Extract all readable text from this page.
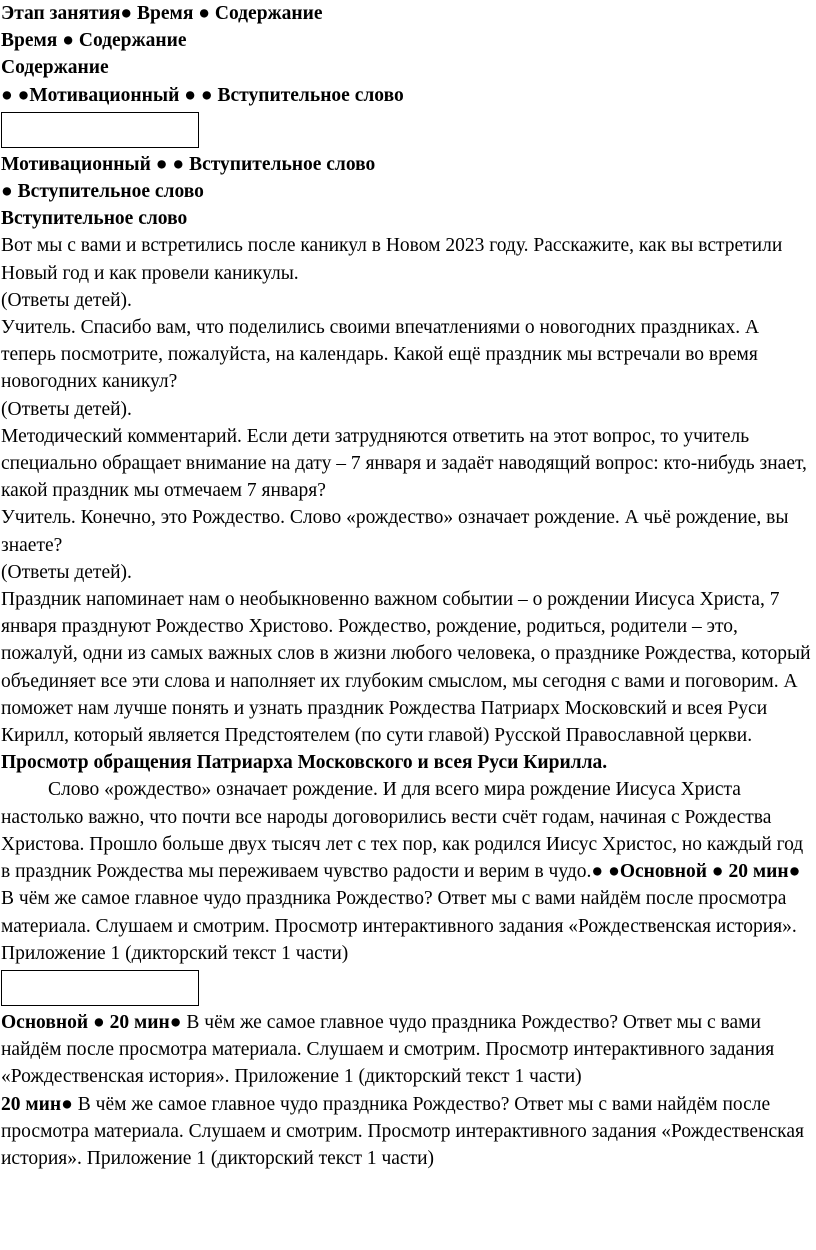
Этап занятия● Время ● Содержание

Время ● Содержание

Содержание

● ●Мотивационный ● ● Вступительное слово

Мотивационный ● ● Вступительное слово

● Вступительное слово

Вступительное слово

Вот мы с вами и встретились после каникул в Новом 2023 году. Расскажите, как вы встретили Новый год и как провели каникулы.

(Ответы детей).

Учитель. Спасибо вам, что поделились своими впечатлениями о новогодних праздниках. А теперь посмотрите, пожалуйста, на календарь. Какой ещё праздник мы встречали во время новогодних каникул?

(Ответы детей).

Методический комментарий. Если дети затрудняются ответить на этот вопрос, то учитель специально обращает внимание на дату – 7 января и задаёт наводящий вопрос: кто-нибудь знает, какой праздник мы отмечаем 7 января?

Учитель. Конечно, это Рождество. Слово «рождество» означает рождение. А чьё рождение, вы знаете?

(Ответы детей).

Праздник напоминает нам о необыкновенно важном событии – о рождении Иисуса Христа, 7 января празднуют Рождество Христово. Рождество, рождение, родиться, родители – это, пожалуй, одни из самых важных слов в жизни любого человека, о празднике Рождества, который объединяет все эти слова и наполняет их глубоким смыслом, мы сегодня с вами и поговорим. А поможет нам лучше понять и узнать праздник Рождества Патриарх Московский и всея Руси Кирилл, который является Предстоятелем (по сути главой) Русской Православной церкви.

Просмотр обращения Патриарха Московского и всея Руси Кирилла.

Слово «рождество» означает рождение. И для всего мира рождение Иисуса Христа настолько важно, что почти все народы договорились вести счёт годам, начиная с Рождества Христова. Прошло больше двух тысяч лет с тех пор, как родился Иисус Христос, но каждый год в праздник Рождества мы переживаем чувство радости и верим в чудо.● ●Основной ● 20 мин● В чём же самое главное чудо праздника Рождество? Ответ мы с вами найдём после просмотра материала. Слушаем и смотрим. Просмотр интерактивного задания «Рождественская история». Приложение 1 (дикторский текст 1 части)

Основной ● 20 мин● В чём же самое главное чудо праздника Рождество? Ответ мы с вами найдём после просмотра материала. Слушаем и смотрим. Просмотр интерактивного задания «Рождественская история». Приложение 1 (дикторский текст 1 части)

20 мин● В чём же самое главное чудо праздника Рождество? Ответ мы с вами найдём после просмотра материала. Слушаем и смотрим. Просмотр интерактивного задания «Рождественская история». Приложение 1 (дикторский текст 1 части)
